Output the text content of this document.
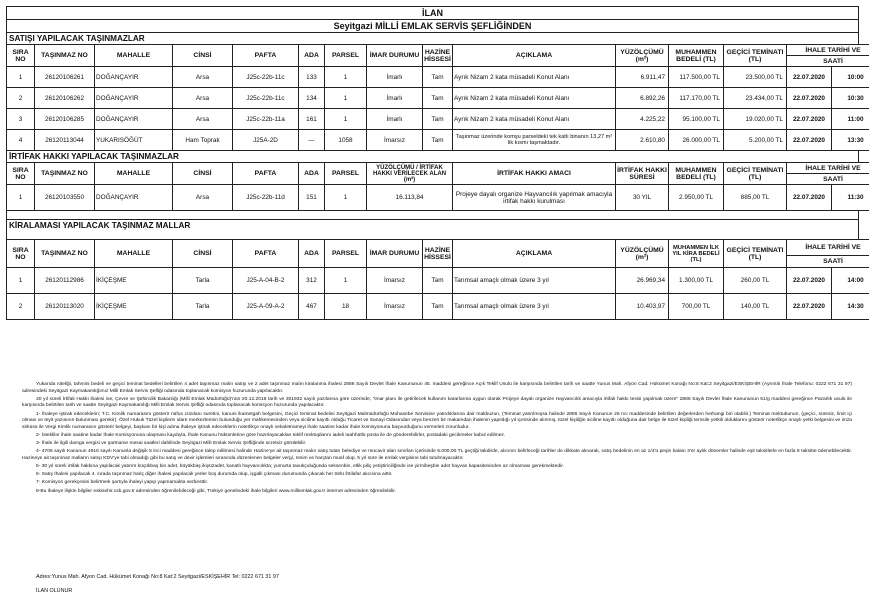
İLAN
Seyitgazi MİLLİ EMLAK SERVİS ŞEFLİĞİNDEN
SATIŞI YAPILACAK TAŞINMAZLAR
SIRA NO	TAŞINMAZ NO	MAHALLE	CİNSİ	PAFTA	ADA	PARSEL	İMAR DURUMU	HAZİNE HİSSESİ	AÇIKLAMA	YÜZÖLÇÜMÜ (m²)	MUHAMMEN BEDELİ (TL)	GEÇİCİ TEMİNATI (TL)	İHALE TARİHİ VE	
													SAATİ	
1	26120106261	DOĞANÇAYIR	Arsa	J25c-22b-11c	133	1	İmarlı	Tam	Ayrık Nizam 2 kata müsadeli Konut Alanı	6.911,47	117.500,00 TL	23.500,00 TL	22.07.2020	10:00
2	26120106262	DOĞANÇAYIR	Arsa	J25c-22b-11c	134	1	İmarlı	Tam	Ayrık Nizam 2 kata müsadeli Konut Alanı	6.892,26	117.170,00 TL	23.434,00 TL	22.07.2020	10:30
3	26120106285	DOĞANÇAYIR	Arsa	J25c-22b-11a	161	1	İmarlı	Tam	Ayrık Nizam 2 kata müsadeli Konut Alanı	4.225,22	95.100,00 TL	19.020,00 TL	22.07.2020	11:00
4	26120113044	YUKARISÖĞÜT	Ham Toprak	J25A-2D	—	1058	İmarsız	Tam	Taşınmaz üzerinde komşu parseldeki tek katlı binanın 13,27 m² lik kısmı taşmaktadır.	2.610,80	26.000,00 TL	5.200,00 TL	22.07.2020	13:30
İRTİFAK HAKKI YAPILACAK TAŞINMAZLAR
SIRA NO	TAŞINMAZ NO	MAHALLE	CİNSİ	PAFTA	ADA	PARSEL	YÜZÖLÇÜMÜ / İRTİFAK HAKKI VERİLECEK ALAN (m²)	İRTİFAK HAKKI AMACI	İRTİFAK HAKKI SÜRESİ	MUHAMMEN BEDELİ (TL)	GEÇİCİ TEMİNATI (TL)	İHALE TARİHİ VE	
												SAATİ	
1	26120103550	DOĞANÇAYIR	Arsa	J25c-22b-11d	151	1	16.113,84	Projeye dayalı organize Hayvancılık yapılmak amacıyla irtifak hakkı kurulması	30 YIL	2.950,00 TL	885,00 TL	22.07.2020	11:30
KİRALAMASI YAPILACAK TAŞINMAZ MALLAR
SIRA NO	TAŞINMAZ NO	MAHALLE	CİNSİ	PAFTA	ADA	PARSEL	İMAR DURUMU	HAZİNE HİSSESİ	AÇIKLAMA	YÜZÖLÇÜMÜ (m²)	MUHAMMEN İLK YIL KİRA BEDELİ (TL)	GEÇİCİ TEMİNATI (TL)	İHALE TARİHİ VE	
													SAATİ	
1	26120112986	İKİÇEŞME	Tarla	J25-A-04-B-2	312	1	İmarsız	Tam	Tarımsal amaçlı olmak üzere 3 yıl	26.969,34	1.300,00 TL	260,00 TL	22.07.2020	14:00
2	26120113020	İKİÇEŞME	Tarla	J25-A-09-A-2	467	18	İmarsız	Tam	Tarımsal amaçlı olmak üzere 3 yıl	10.403,97	700,00 TL	140,00 TL	22.07.2020	14:30

Yukarıda niteliği, tahmini bedeli ve geçici teminat bedelleri belirtilen 4 adet taşınmaz malın satışı ve 2 adet taşınmaz malın kiralanma ihalesi 2886 Sayılı Devlet İhale Kanununun 45. maddesi gereğince Açık Teklif Usulü ile karşısında belirtilen tarih ve saatte Yunus Mah. Afyon Cad. Hükümet Konağı No:8 Kat:2 Seyitgazi/ESKİŞEHİR (Ayrıntılı İhale Telefonu: 0222 671 31 97) adresindeki Seyitgazi Kaymakamlığımız Milli Emlak Servis Şefliği odasında toplanacak komisyon huzurunda yapılacaktır.

30 yıl süreli İrtifak Hakkı ihalesi ise, Çevre ve Şehircilik Bakanlığı (Milli Emlak Müdürlüğü)'nün 20.12.2018 tarih ve 301932 sayılı yazılarına göre üzerinde; "imar planı ile getirilecek kullanım kararlarına uygun olarak Projeye dayalı organize Hayvancılık amacıyla irtifak hakkı tesisi yapılmak üzere" 2886 Sayılı Devlet İhale Kanununun 51/g maddesi gereğince Pazarlık usulü ile karşısında belirtilen tarih ve saatte Seyitgazi Kaymakamlığı Milli Emlak Servis Şefliği odasında toplanacak komisyon huzurunda yapılacaktır.

1- İhaleye iştirak edeceklerin; T.C. Kimlik numarasını gösterir nüfus cüzdanı suretini, kanuni ikametgah belgesini, Geçici teminat bedelini Seyitgazi Malmüdürlüğü Muhasebe Servisine yatırdıklarına dair makbuzun, (Teminat yatırılmışsa halinde 2886 Sayılı Kanunun 26 ncı maddesinde belirtilen değerlerden herhangi biri olabilir.) Teminat mektubunun, (geçici, süresiz, limit içi olması ve teyit yazısının bulunması gerekir). Özel Hukuk Tüzel kişilerin idare merkezlerinin bulunduğu yer mahkemesinden veya siciline kayıtlı olduğu Ticaret ve Sanayi Odasından veya benzeri bir makamdan ihalenin yapıldığı yıl içerisinde alınmış, tüzel kişiliğin siciline kayıtlı olduğuna dair belge ile tüzel kişiliği temsile yetkili olduklarını gösterir noterlikçe onaylı yetki belgesini ve imza sirküsü ile Vergi Kimlik numarasını gösterir belgeyi, başkası bir kişi adına ihaleye iştirak edeceklerin noterlikçe onaylı vekaletnameyi ihale saatine kadar ihale komisyonuna başvurduğunu vermeleri zorunludur.

2- İsteklilər ihale saatine kadar İhale Komisyonuna ulaşması kaydıyla, İhale Kanunu hükümlerine göre hazırlayacakları teklif mektuplarını iadeli taahhütlü posta ile de gönderebilirler, postadaki gecikmeler kabul edilmez.

3- İhale ile ilgili damga vergisi ve şartname mesai saatleri dahilinde Seyitgazi Milli Emlak Servis Şefliğinde ücretsiz görülebilir.

4- 4706 sayılı Kanunun 4916 sayılı Kanunla değişik 5 inci maddesi gereğince talep edilmesi halinde Hazine'ye ait taşınmaz malın satış tutarı belediye ve mücavir alan sınırları içerisinde 5.000,00 TL geçtiği takdirde, alıcının belirleceği tarihler de dikkate alınarak, satış bedelinin en az 1/4'ü peşin kalanı 3'er aylık dönemler halinde eşit taksitlerle en fazla 8 taksitte ödenebilecektir. Hazineye ait taşınmaz malların satışı KDV'ye tabi olmadığı gibi bu satış ve devir işlemleri sırasında düzenlenen belgeler vergi, resim ve harçtan muaf olup, 5 yıl süre ile emlak vergisine tabi tutulmayacaktır.

5- 30 yıl süreli irtifak hakkına yapılacak yatırım küçükbaş bin adet, büyükbaş ikiyüzadet, kanatlı hayvancılıkta; yumurta tavukçuluğunda seksenbin, etlik piliç yetiştiriciliğinde ise yirmibeşbin adet hayvan kapasitesinden az olmaması gerekmektedir.

6- Satış İhalesi yapılacak 4. sırada taşınmaz hariç diğer ihalesi yapılacak yerler boş durumda olup, işgalli çıkması durumunda çıkacak her türlü ihtilafar alıcısına aittir.

7- Komisyon gerekçesini belirtmek şartıyla ihaleyi yapıp yapmamakta serbesttir.

8-Bu ihaleye ilişkin bilgiler eskisehir.csb.gov.tr adresinden öğrenilebileceği gibi, Türkiye genelindeki ihale bilgileri www.milliemlak.gov.tr internet adresinden öğrenilebilir.

Adres:Yunus Mah. Afyon Cad. Hükümet Konağı No:8 Kat:2 Seyitgazi/ESKİŞEHİR Tel: 0222 671 31 97
İLAN OLUNUR
